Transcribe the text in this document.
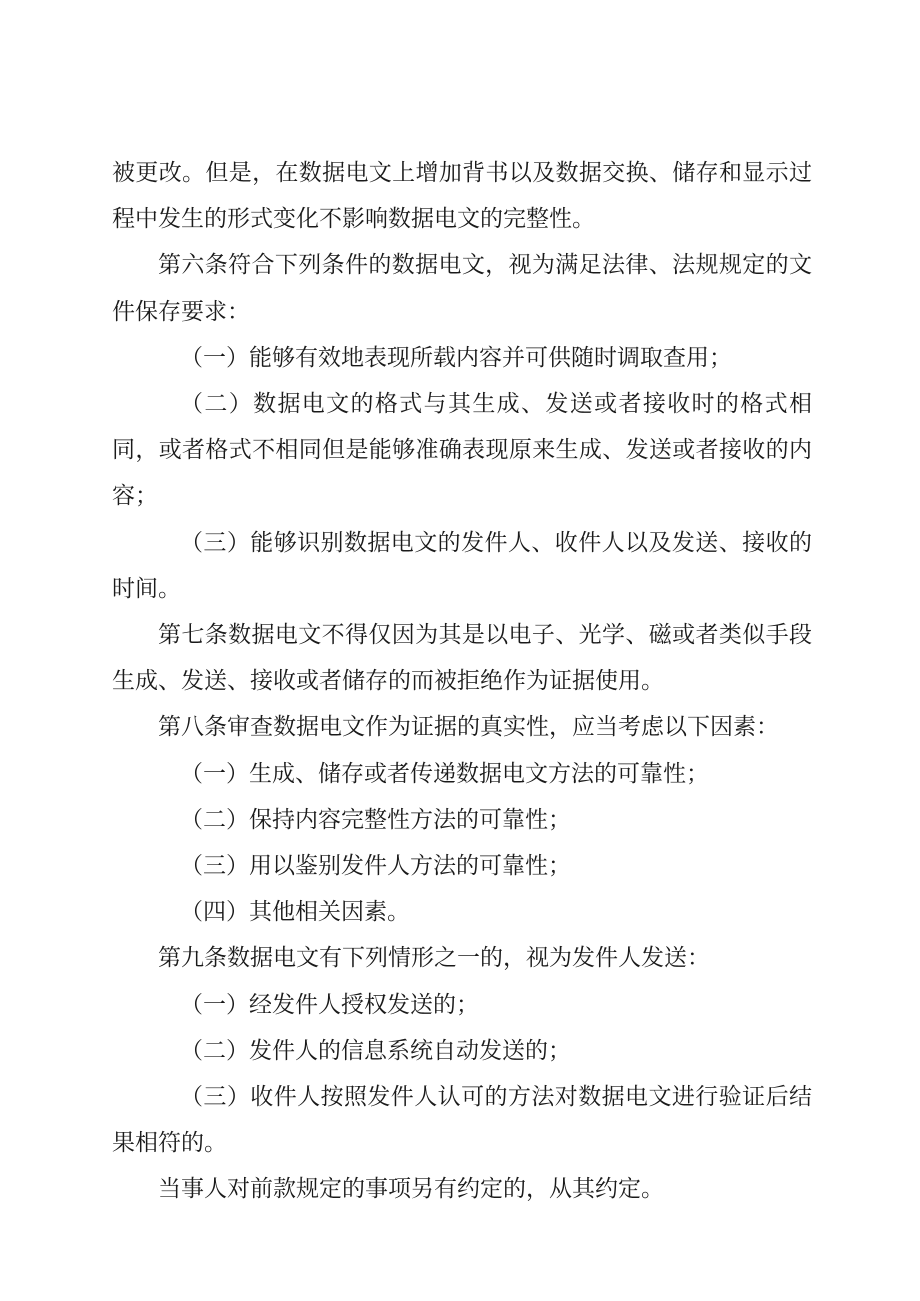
被更改。但是，在数据电文上增加背书以及数据交换、储存和显示过程中发生的形式变化不影响数据电文的完整性。

第六条符合下列条件的数据电文，视为满足法律、法规规定的文件保存要求：

（一）能够有效地表现所载内容并可供随时调取查用；

（二）数据电文的格式与其生成、发送或者接收时的格式相同，或者格式不相同但是能够准确表现原来生成、发送或者接收的内容；

（三）能够识别数据电文的发件人、收件人以及发送、接收的时间。

第七条数据电文不得仅因为其是以电子、光学、磁或者类似手段生成、发送、接收或者储存的而被拒绝作为证据使用。

第八条审查数据电文作为证据的真实性，应当考虑以下因素：

（一）生成、储存或者传递数据电文方法的可靠性；

（二）保持内容完整性方法的可靠性；

（三）用以鉴别发件人方法的可靠性；

（四）其他相关因素。

第九条数据电文有下列情形之一的，视为发件人发送：

（一）经发件人授权发送的；

（二）发件人的信息系统自动发送的；

（三）收件人按照发件人认可的方法对数据电文进行验证后结果相符的。

当事人对前款规定的事项另有约定的，从其约定。
